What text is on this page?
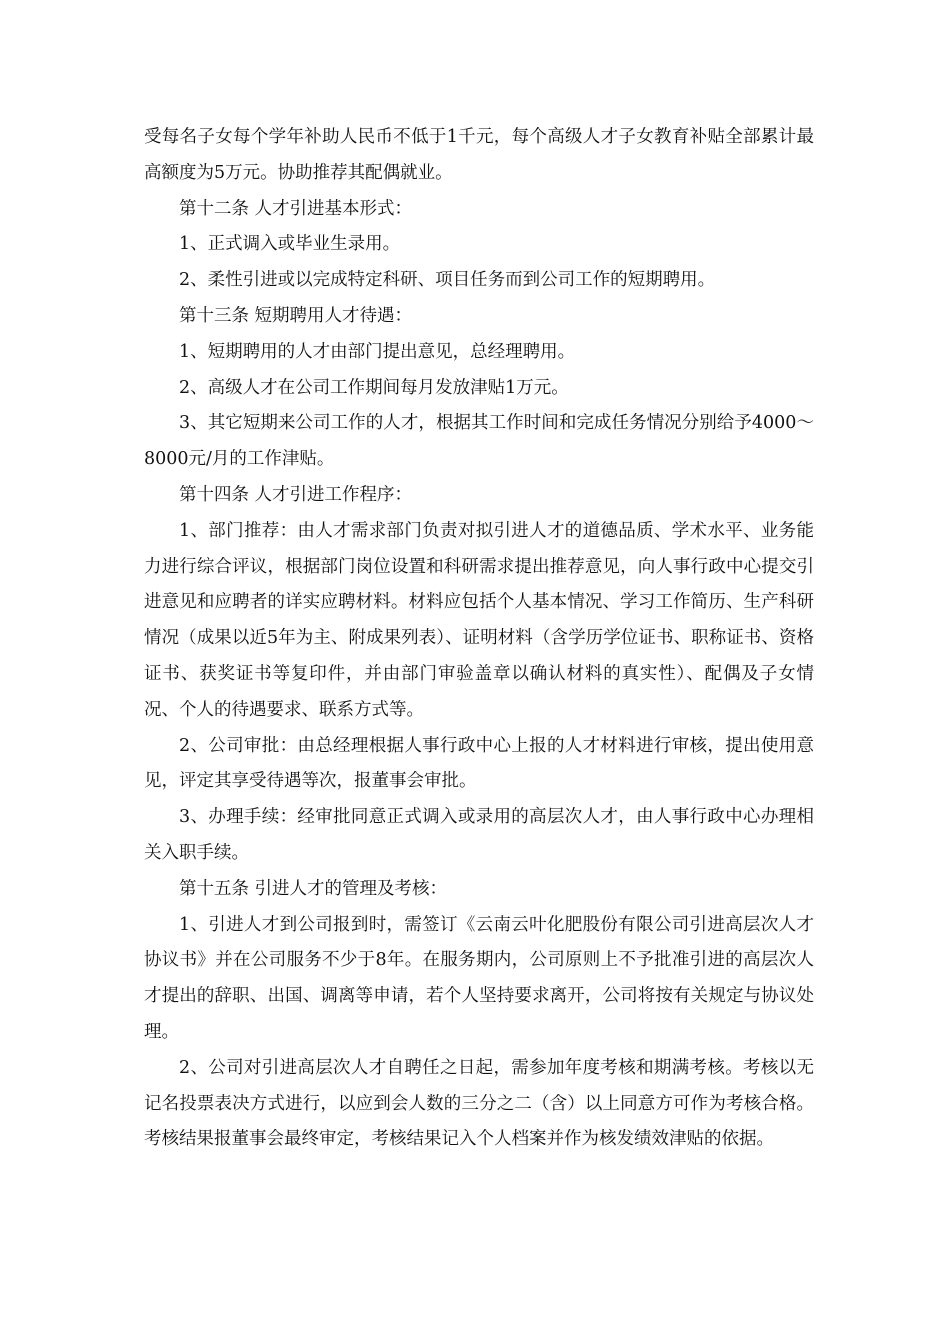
受每名子女每个学年补助人民币不低于1千元，每个高级人才子女教育补贴全部累计最高额度为5万元。协助推荐其配偶就业。

第十二条 人才引进基本形式：

1、正式调入或毕业生录用。

2、柔性引进或以完成特定科研、项目任务而到公司工作的短期聘用。

第十三条 短期聘用人才待遇：

1、短期聘用的人才由部门提出意见，总经理聘用。

2、高级人才在公司工作期间每月发放津贴1万元。

3、其它短期来公司工作的人才，根据其工作时间和完成任务情况分别给予4000～8000元/月的工作津贴。

第十四条 人才引进工作程序：

1、部门推荐：由人才需求部门负责对拟引进人才的道德品质、学术水平、业务能力进行综合评议，根据部门岗位设置和科研需求提出推荐意见，向人事行政中心提交引进意见和应聘者的详实应聘材料。材料应包括个人基本情况、学习工作简历、生产科研情况（成果以近5年为主、附成果列表）、证明材料（含学历学位证书、职称证书、资格证书、获奖证书等复印件，并由部门审验盖章以确认材料的真实性）、配偶及子女情况、个人的待遇要求、联系方式等。

2、公司审批：由总经理根据人事行政中心上报的人才材料进行审核，提出使用意见，评定其享受待遇等次，报董事会审批。

3、办理手续：经审批同意正式调入或录用的高层次人才，由人事行政中心办理相关入职手续。

第十五条 引进人才的管理及考核：

1、引进人才到公司报到时，需签订《云南云叶化肥股份有限公司引进高层次人才协议书》并在公司服务不少于8年。在服务期内，公司原则上不予批准引进的高层次人才提出的辞职、出国、调离等申请，若个人坚持要求离开，公司将按有关规定与协议处理。

2、公司对引进高层次人才自聘任之日起，需参加年度考核和期满考核。考核以无记名投票表决方式进行，以应到会人数的三分之二（含）以上同意方可作为考核合格。考核结果报董事会最终审定，考核结果记入个人档案并作为核发绩效津贴的依据。
